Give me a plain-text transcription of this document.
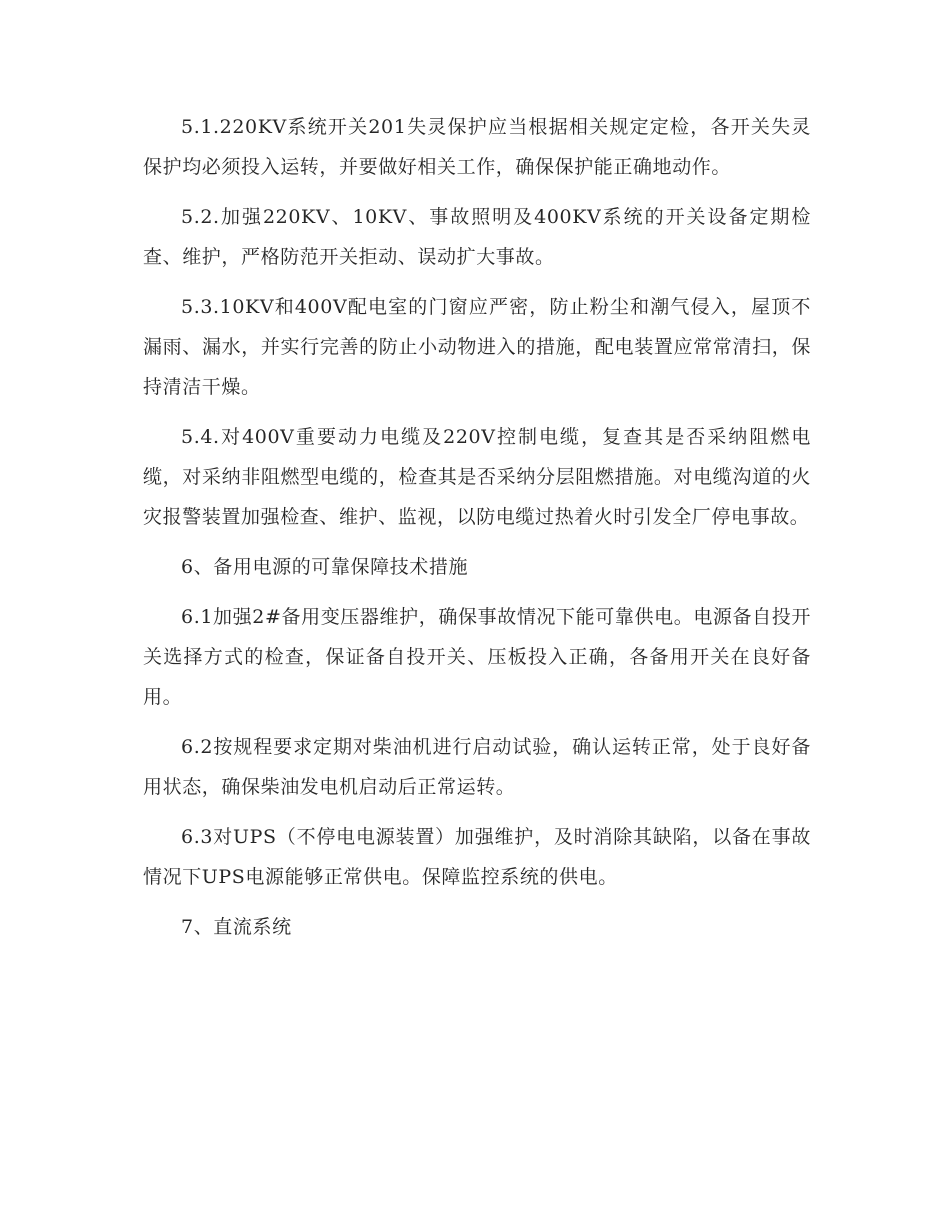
5.1.220KV系统开关201失灵保护应当根据相关规定定检，各开关失灵保护均必须投入运转，并要做好相关工作，确保保护能正确地动作。

5.2.加强220KV、10KV、事故照明及400KV系统的开关设备定期检查、维护，严格防范开关拒动、误动扩大事故。

5.3.10KV和400V配电室的门窗应严密，防止粉尘和潮气侵入，屋顶不漏雨、漏水，并实行完善的防止小动物进入的措施，配电装置应常常清扫，保持清洁干燥。

5.4.对400V重要动力电缆及220V控制电缆，复查其是否采纳阻燃电缆，对采纳非阻燃型电缆的，检查其是否采纳分层阻燃措施。对电缆沟道的火灾报警装置加强检查、维护、监视，以防电缆过热着火时引发全厂停电事故。

6、备用电源的可靠保障技术措施

6.1加强2#备用变压器维护，确保事故情况下能可靠供电。电源备自投开关选择方式的检查，保证备自投开关、压板投入正确，各备用开关在良好备用。

6.2按规程要求定期对柴油机进行启动试验，确认运转正常，处于良好备用状态，确保柴油发电机启动后正常运转。

6.3对UPS（不停电电源装置）加强维护，及时消除其缺陷，以备在事故情况下UPS电源能够正常供电。保障监控系统的供电。

7、直流系统
